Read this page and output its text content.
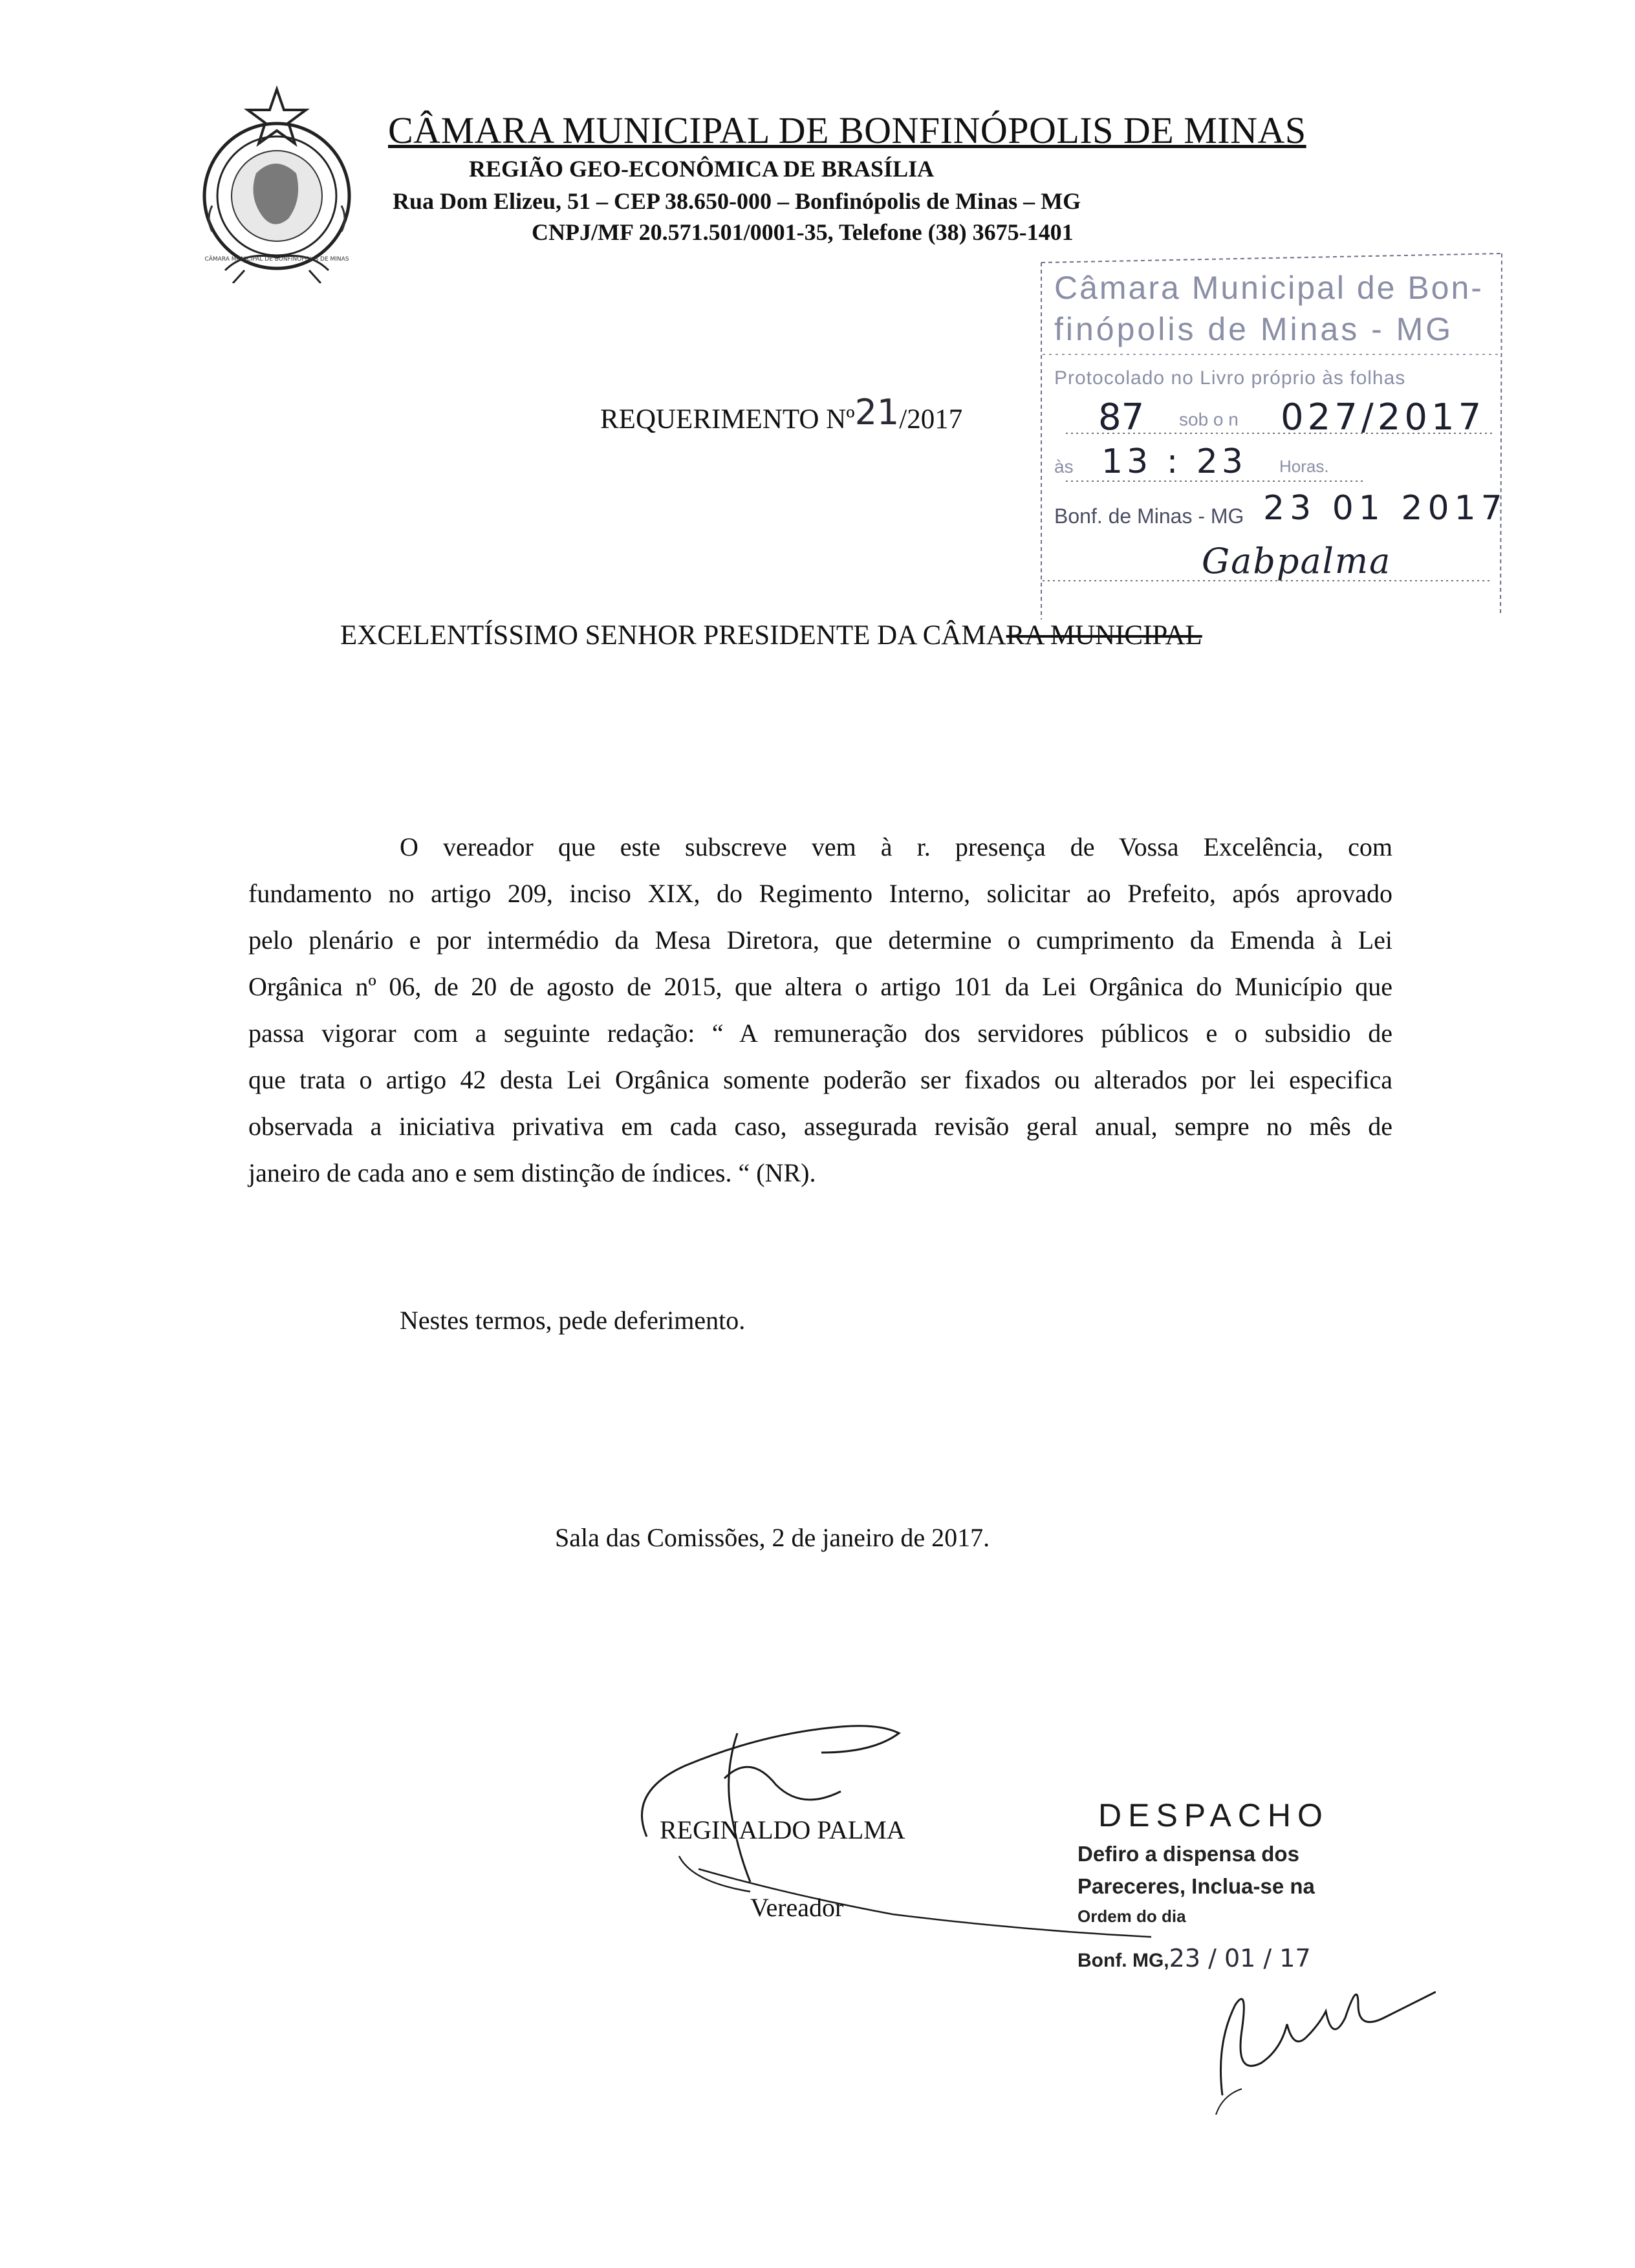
CÂMARA MUNICIPAL DE BONFINÓPOLIS DE MINAS
CÂMARA MUNICIPAL DE BONFINÓPOLIS DE MINAS
REGIÃO GEO-ECONÔMICA DE BRASÍLIA
Rua Dom Elizeu, 51 – CEP 38.650-000 – Bonfinópolis de Minas – MG
CNPJ/MF 20.571.501/0001-35, Telefone (38) 3675-1401
Câmara Municipal de Bon-
finópolis de Minas - MG
Protocolado no Livro próprio às folhas
87 sob o n 027/2017
às 13 : 23 Horas.
Bonf. de Minas - MG 23 01 2017
Gabpalma
REQUERIMENTO Nº21/2017
EXCELENTÍSSIMO SENHOR PRESIDENTE DA CÂMARA MUNICIPAL
O vereador que este subscreve vem à r. presença de Vossa Excelência, com
fundamento no artigo 209, inciso XIX, do Regimento Interno, solicitar ao Prefeito, após aprovado
pelo plenário e por intermédio da Mesa Diretora, que determine o cumprimento da Emenda à Lei
Orgânica nº 06, de 20 de agosto de 2015, que altera o artigo 101 da Lei Orgânica do Município que
passa vigorar com a seguinte redação: “ A remuneração dos servidores públicos e o subsidio de
que trata o artigo 42 desta Lei Orgânica somente poderão ser fixados ou alterados por lei especifica
observada a iniciativa privativa em cada caso, assegurada revisão geral anual, sempre no mês de
janeiro de cada ano e sem distinção de índices. “ (NR).
Nestes termos, pede deferimento.
Sala das Comissões, 2 de janeiro de 2017.
REGINALDO PALMA
Vereador
DESPACHO
Defiro a dispensa dos
Pareceres, Inclua-se na
Ordem do dia
Bonf. MG,23 / 01 / 17
